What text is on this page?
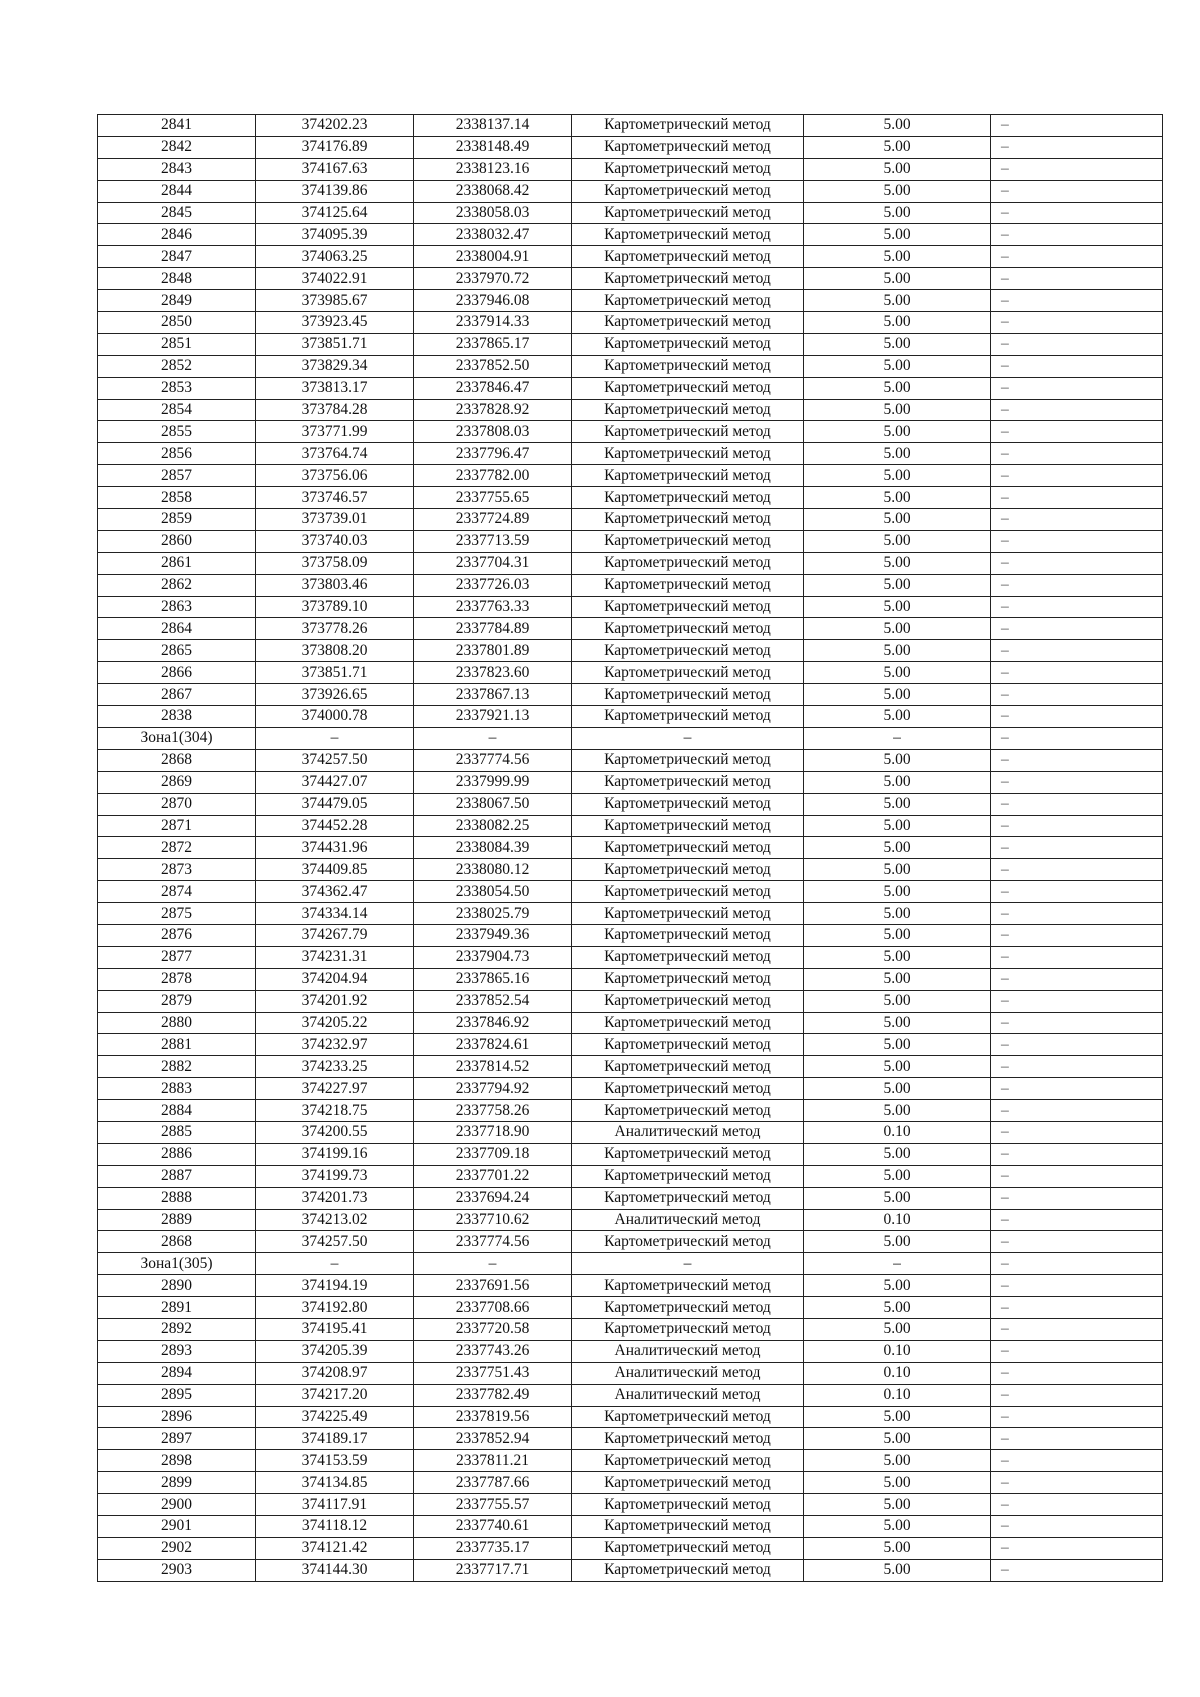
2841	374202.23	2338137.14	Картометрический метод	5.00	–
2842	374176.89	2338148.49	Картометрический метод	5.00	–
2843	374167.63	2338123.16	Картометрический метод	5.00	–
2844	374139.86	2338068.42	Картометрический метод	5.00	–
2845	374125.64	2338058.03	Картометрический метод	5.00	–
2846	374095.39	2338032.47	Картометрический метод	5.00	–
2847	374063.25	2338004.91	Картометрический метод	5.00	–
2848	374022.91	2337970.72	Картометрический метод	5.00	–
2849	373985.67	2337946.08	Картометрический метод	5.00	–
2850	373923.45	2337914.33	Картометрический метод	5.00	–
2851	373851.71	2337865.17	Картометрический метод	5.00	–
2852	373829.34	2337852.50	Картометрический метод	5.00	–
2853	373813.17	2337846.47	Картометрический метод	5.00	–
2854	373784.28	2337828.92	Картометрический метод	5.00	–
2855	373771.99	2337808.03	Картометрический метод	5.00	–
2856	373764.74	2337796.47	Картометрический метод	5.00	–
2857	373756.06	2337782.00	Картометрический метод	5.00	–
2858	373746.57	2337755.65	Картометрический метод	5.00	–
2859	373739.01	2337724.89	Картометрический метод	5.00	–
2860	373740.03	2337713.59	Картометрический метод	5.00	–
2861	373758.09	2337704.31	Картометрический метод	5.00	–
2862	373803.46	2337726.03	Картометрический метод	5.00	–
2863	373789.10	2337763.33	Картометрический метод	5.00	–
2864	373778.26	2337784.89	Картометрический метод	5.00	–
2865	373808.20	2337801.89	Картометрический метод	5.00	–
2866	373851.71	2337823.60	Картометрический метод	5.00	–
2867	373926.65	2337867.13	Картометрический метод	5.00	–
2838	374000.78	2337921.13	Картометрический метод	5.00	–
Зона1(304)	–	–	–	–	–
2868	374257.50	2337774.56	Картометрический метод	5.00	–
2869	374427.07	2337999.99	Картометрический метод	5.00	–
2870	374479.05	2338067.50	Картометрический метод	5.00	–
2871	374452.28	2338082.25	Картометрический метод	5.00	–
2872	374431.96	2338084.39	Картометрический метод	5.00	–
2873	374409.85	2338080.12	Картометрический метод	5.00	–
2874	374362.47	2338054.50	Картометрический метод	5.00	–
2875	374334.14	2338025.79	Картометрический метод	5.00	–
2876	374267.79	2337949.36	Картометрический метод	5.00	–
2877	374231.31	2337904.73	Картометрический метод	5.00	–
2878	374204.94	2337865.16	Картометрический метод	5.00	–
2879	374201.92	2337852.54	Картометрический метод	5.00	–
2880	374205.22	2337846.92	Картометрический метод	5.00	–
2881	374232.97	2337824.61	Картометрический метод	5.00	–
2882	374233.25	2337814.52	Картометрический метод	5.00	–
2883	374227.97	2337794.92	Картометрический метод	5.00	–
2884	374218.75	2337758.26	Картометрический метод	5.00	–
2885	374200.55	2337718.90	Аналитический метод	0.10	–
2886	374199.16	2337709.18	Картометрический метод	5.00	–
2887	374199.73	2337701.22	Картометрический метод	5.00	–
2888	374201.73	2337694.24	Картометрический метод	5.00	–
2889	374213.02	2337710.62	Аналитический метод	0.10	–
2868	374257.50	2337774.56	Картометрический метод	5.00	–
Зона1(305)	–	–	–	–	–
2890	374194.19	2337691.56	Картометрический метод	5.00	–
2891	374192.80	2337708.66	Картометрический метод	5.00	–
2892	374195.41	2337720.58	Картометрический метод	5.00	–
2893	374205.39	2337743.26	Аналитический метод	0.10	–
2894	374208.97	2337751.43	Аналитический метод	0.10	–
2895	374217.20	2337782.49	Аналитический метод	0.10	–
2896	374225.49	2337819.56	Картометрический метод	5.00	–
2897	374189.17	2337852.94	Картометрический метод	5.00	–
2898	374153.59	2337811.21	Картометрический метод	5.00	–
2899	374134.85	2337787.66	Картометрический метод	5.00	–
2900	374117.91	2337755.57	Картометрический метод	5.00	–
2901	374118.12	2337740.61	Картометрический метод	5.00	–
2902	374121.42	2337735.17	Картометрический метод	5.00	–
2903	374144.30	2337717.71	Картометрический метод	5.00	–
